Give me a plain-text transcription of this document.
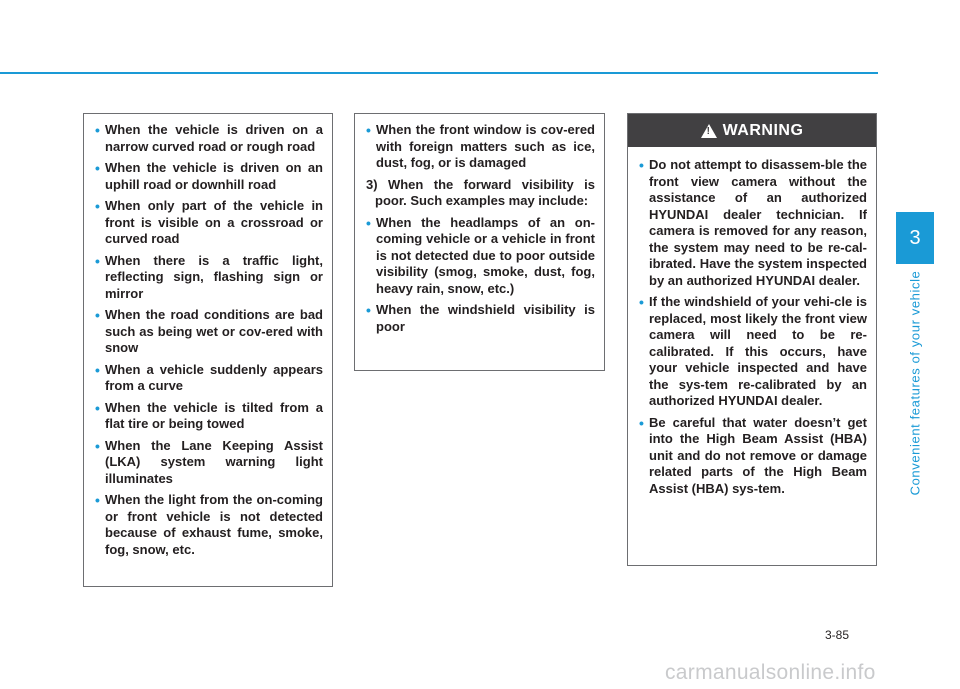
• When the vehicle is driven on a narrow curved road or rough road
• When the vehicle is driven on an uphill road or downhill road
• When only part of the vehicle in front is visible on a crossroad or curved road
• When there is a traffic light, reflecting sign, flashing sign or mirror
• When the road conditions are bad such as being wet or cov-ered with snow
• When a vehicle suddenly appears from a curve
• When the vehicle is tilted from a flat tire or being towed
• When the Lane Keeping Assist (LKA) system warning light illuminates
• When the light from the on-coming or front vehicle is not detected because of exhaust fume, smoke, fog, snow, etc.
• When the front window is cov-ered with foreign matters such as ice, dust, fog, or is damaged
3) When the forward visibility is poor. Such examples may include:
• When the headlamps of an on-coming vehicle or a vehicle in front is not detected due to poor outside visibility (smog, smoke, dust, fog, heavy rain, snow, etc.)
• When the windshield visibility is poor
! WARNING
• Do not attempt to disassem-ble the front view camera without the assistance of an authorized HYUNDAI dealer technician. If camera is removed for any reason, the system may need to be re-cal-ibrated. Have the system inspected by an authorized HYUNDAI dealer.
• If the windshield of your vehi-cle is replaced, most likely the front view camera will need to be re-calibrated. If this occurs, have your vehicle inspected and have the sys-tem re-calibrated by an authorized HYUNDAI dealer.
• Be careful that water doesn’t get into the High Beam Assist (HBA) unit and do not remove or damage related parts of the High Beam Assist (HBA) sys-tem.
3
Convenient features of your vehicle
3-85
carmanualsonline.info
